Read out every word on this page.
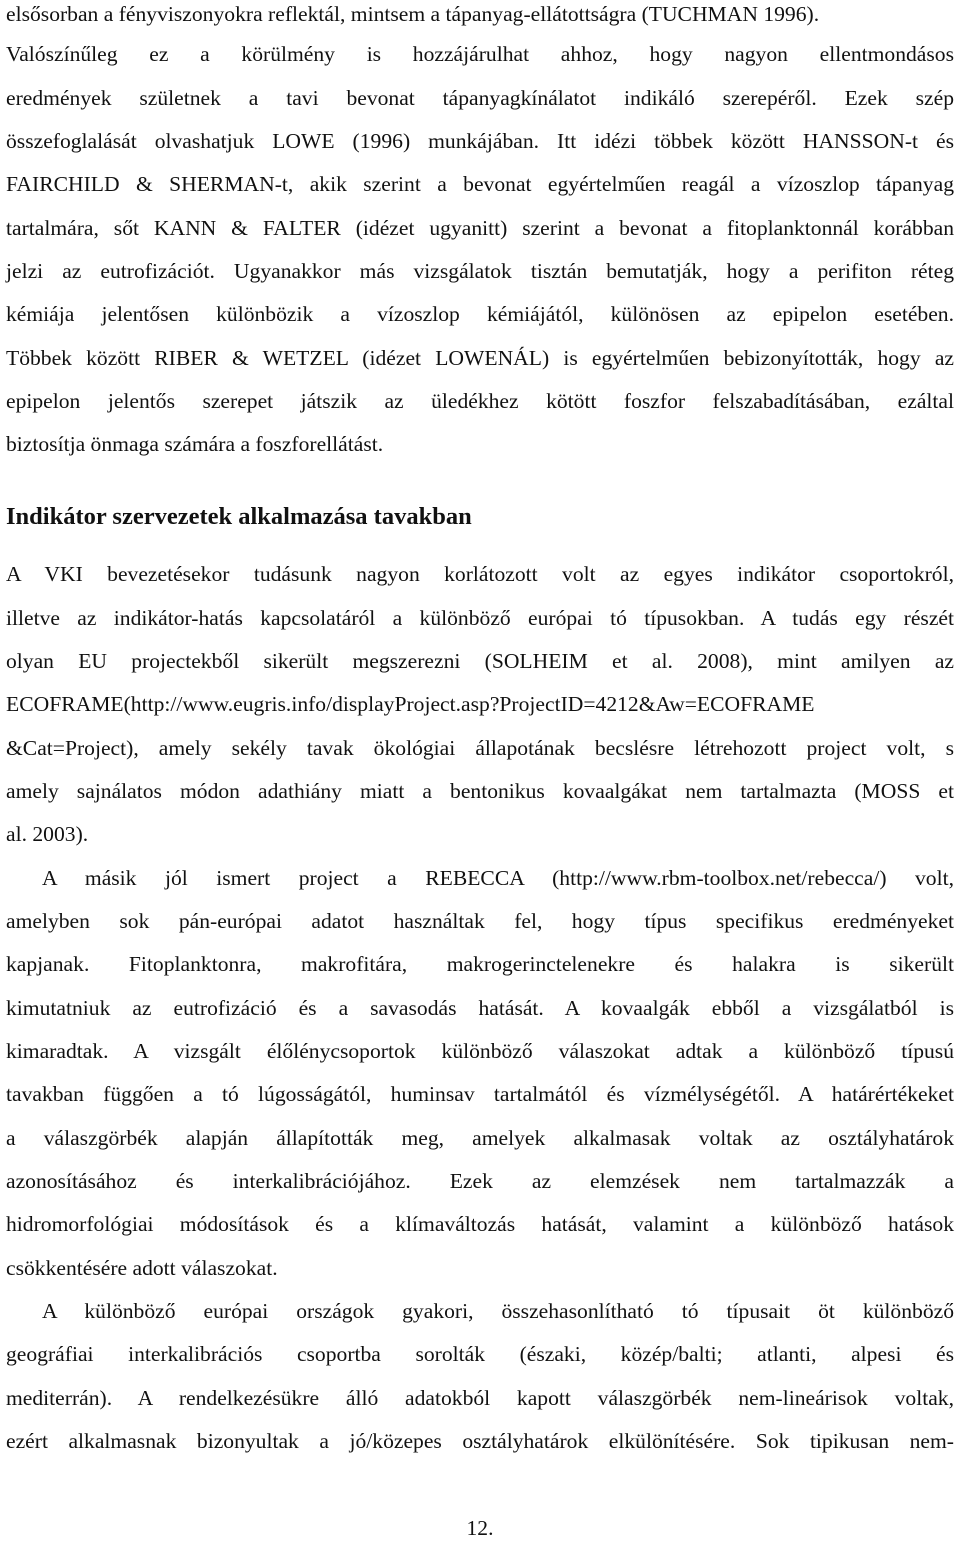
elsősorban a fényviszonyokra reflektál, mintsem a tápanyag-ellátottságra (TUCHMAN 1996).
Valószínűleg ez a körülmény is hozzájárulhat ahhoz, hogy nagyon ellentmondásos
eredmények születnek a tavi bevonat tápanyagkínálatot indikáló szerepéről. Ezek szép
összefoglalását olvashatjuk LOWE (1996) munkájában. Itt idézi többek között HANSSON-t és
FAIRCHILD & SHERMAN-t, akik szerint a bevonat egyértelműen reagál a vízoszlop tápanyag
tartalmára, sőt KANN & FALTER (idézet ugyanitt) szerint a bevonat a fitoplanktonnál korábban
jelzi az eutrofizációt. Ugyanakkor más vizsgálatok tisztán bemutatják, hogy a perifiton réteg
kémiája jelentősen különbözik a vízoszlop kémiájától, különösen az epipelon esetében.
Többek között RIBER & WETZEL (idézet LOWENÁL) is egyértelműen bebizonyították, hogy az
epipelon jelentős szerepet játszik az üledékhez kötött foszfor felszabadításában, ezáltal
biztosítja önmaga számára a foszforellátást.
Indikátor szervezetek alkalmazása tavakban
A VKI bevezetésekor tudásunk nagyon korlátozott volt az egyes indikátor csoportokról,
illetve az indikátor-hatás kapcsolatáról a különböző európai tó típusokban. A tudás egy részét
olyan EU projectekből sikerült megszerezni (SOLHEIM et al. 2008), mint amilyen az
ECOFRAME(http://www.eugris.info/displayProject.asp?ProjectID=4212&Aw=ECOFRAME
&Cat=Project), amely sekély tavak ökológiai állapotának becslésre létrehozott project volt, s
amely sajnálatos módon adathiány miatt a bentonikus kovaalgákat nem tartalmazta (MOSS et
al. 2003).
A másik jól ismert project a REBECCA (http://www.rbm-toolbox.net/rebecca/) volt,
amelyben sok pán-európai adatot használtak fel, hogy típus specifikus eredményeket
kapjanak. Fitoplanktonra, makrofitára, makrogerinctelenekre és halakra is sikerült
kimutatniuk az eutrofizáció és a savasodás hatását. A kovaalgák ebből a vizsgálatból is
kimaradtak. A vizsgált élőlénycsoportok különböző válaszokat adtak a különböző típusú
tavakban függően a tó lúgosságától, huminsav tartalmától és vízmélységétől. A határértékeket
a válaszgörbék alapján állapították meg, amelyek alkalmasak voltak az osztályhatárok
azonosításához és interkalibrációjához. Ezek az elemzések nem tartalmazzák a
hidromorfológiai módosítások és a klímaváltozás hatását, valamint a különböző hatások
csökkentésére adott válaszokat.
A különböző európai országok gyakori, összehasonlítható tó típusait öt különböző
geográfiai interkalibrációs csoportba sorolták (északi, közép/balti; atlanti, alpesi és
mediterrán). A rendelkezésükre álló adatokból kapott válaszgörbék nem-lineárisok voltak,
ezért alkalmasnak bizonyultak a jó/közepes osztályhatárok elkülönítésére. Sok tipikusan nem-
12.
